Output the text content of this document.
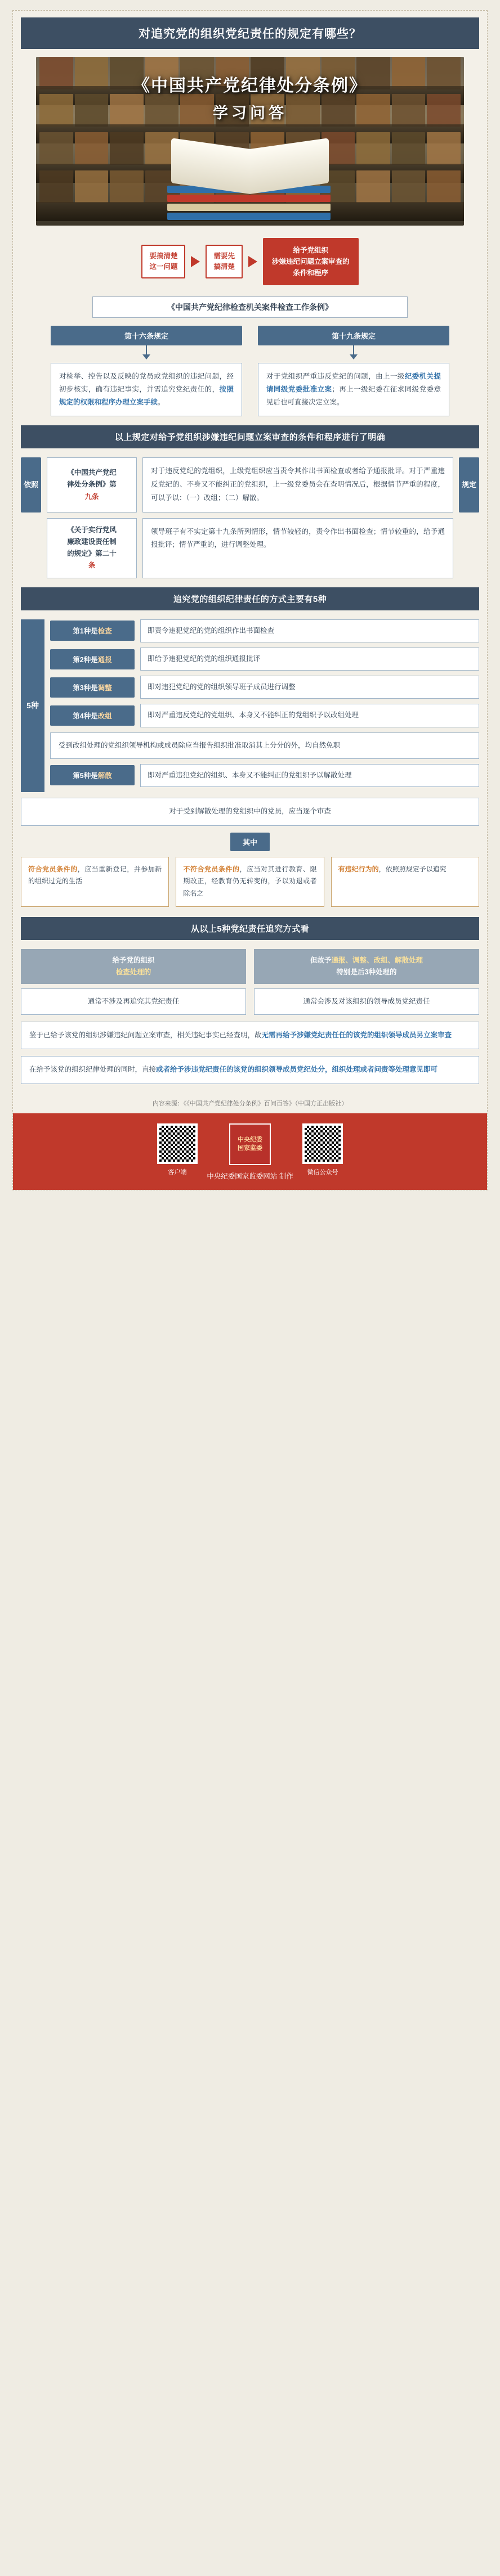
对追究党的组织党纪责任的规定有哪些？
《中国共产党纪律处分条例》
学习问答
要搞清楚
这一问题
需要先
搞清楚
给予党组织
涉嫌违纪问题立案审查的
条件和程序
《中国共产党纪律检查机关案件检查工作条例》
第十六条规定
对检举、控告以及反映的党员或党组织的违纪问题，经初步核实，确有违纪事实，并需追究党纪责任的，按照规定的权限和程序办理立案手续。
第十九条规定
对于党组织严重违反党纪的问题，由上一级纪委机关提请同级党委批准立案；再上一级纪委在征求同级党委意见后也可直接决定立案。
以上规定对给予党组织涉嫌违纪问题立案审查的条件和程序进行了明确
依照
《中国共产党纪
律处分条例》第
九条
对于违反党纪的党组织，上级党组织应当责令其作出书面检查或者给予通报批评。对于严重违反党纪的、不身又不能纠正的党组织，上一级党委员会在查明情况后，根据情节严重的程度，可以予以：（一）改组；（二）解散。
规定
《关于实行党风
廉政建设责任制
的规定》第二十
条
领导班子有不实定第十九条所列情形，情节较轻的，责令作出书面检查；情节较重的，给予通报批评；情节严重的，进行调整处理。
追究党的组织纪律责任的方式主要有5种
5种
第1种是检查	即责令违犯党纪的党的组织作出书面检查
第2种是通报	即给予违犯党纪的党的组织通报批评
第3种是调整	即对违犯党纪的党的组织领导班子成员进行调整
第4种是改组	即对严重违反党纪的党组织、本身又不能纠正的党组织予以改组处理
受到改组处理的党组织领导机构或成员除应当报告组织批准取消其上分分的外，均自然免职
第5种是解散	即对严重违犯党纪的组织、本身又不能纠正的党组织予以解散处理
对于受到解散处理的党组织中的党员，应当逐个审查
其中
符合党员条件的，应当重新登记，并参加新的组织过党的生活
不符合党员条件的，应当对其进行教育、限期改正，经教育仍无转变的，予以劝退或者除名之
有违纪行为的，依照照规定予以追究
从以上5种党纪责任追究方式看
给予党的组织
检查处理的
但故予通报、调整、改组、解散处理
特别是后3种处理的
通常不涉及再追究其党纪责任	通常会涉及对该组织的领导成员党纪责任
鉴于已给予该党的组织涉嫌违纪问题立案审查，相关违纪事实已经查明，故无需再给予涉嫌党纪责任任的该党的组织领导成员另立案审查
在给予该党的组织纪律处理的同时，直接或者给予涉违党纪责任的该党的组织领导成员党纪处分，组织处理或者问责等处理意见即可
内容来源：《《中国共产党纪律处分条例》百问百答》（中国方正出版社）
客户端
中央纪委
国家监委
微信公众号
中央纪委国家监委网站 制作
